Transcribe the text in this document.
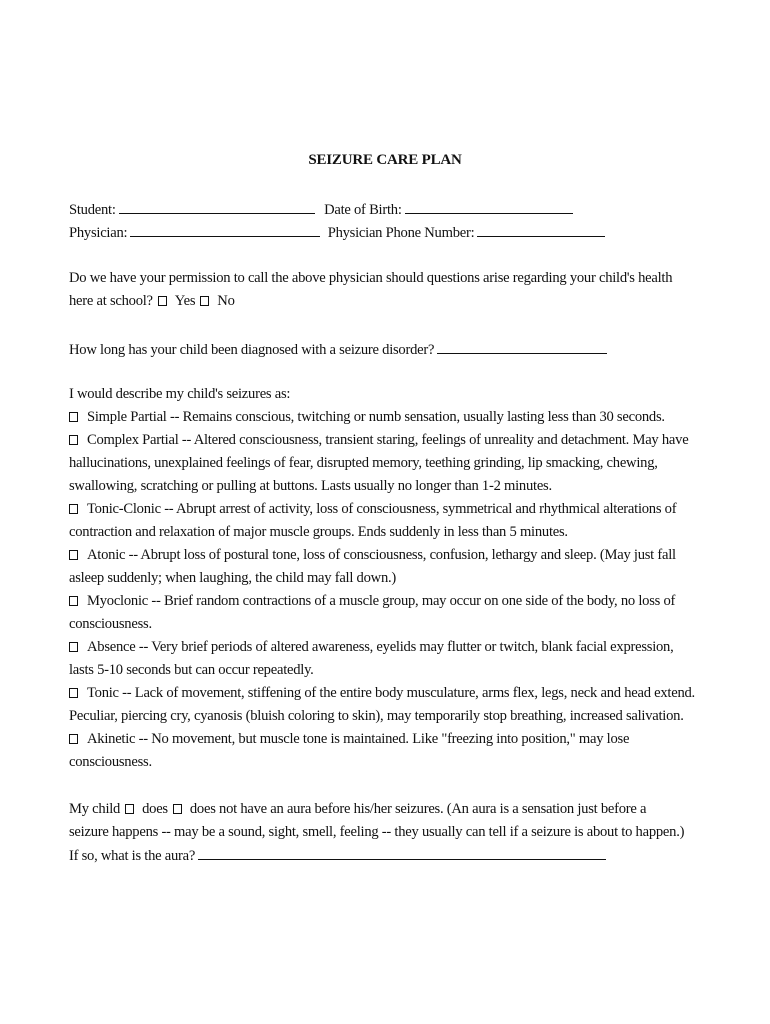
SEIZURE CARE PLAN
Student:	Date of Birth:
Physician:	Physician Phone Number:
Do we have your permission to call the above physician should questions arise regarding your child's health
here at school? Yes No
How long has your child been diagnosed with a seizure disorder?
I would describe my child's seizures as:
Simple Partial -- Remains conscious, twitching or numb sensation, usually lasting less than 30 seconds.
Complex Partial -- Altered consciousness, transient staring, feelings of unreality and detachment. May have
hallucinations, unexplained feelings of fear, disrupted memory, teething grinding, lip smacking, chewing,
swallowing, scratching or pulling at buttons. Lasts usually no longer than 1-2 minutes.
Tonic-Clonic -- Abrupt arrest of activity, loss of consciousness, symmetrical and rhythmical alterations of
contraction and relaxation of major muscle groups. Ends suddenly in less than 5 minutes.
Atonic -- Abrupt loss of postural tone, loss of consciousness, confusion, lethargy and sleep. (May just fall
asleep suddenly; when laughing, the child may fall down.)
Myoclonic -- Brief random contractions of a muscle group, may occur on one side of the body, no loss of
consciousness.
Absence -- Very brief periods of altered awareness, eyelids may flutter or twitch, blank facial expression,
lasts 5-10 seconds but can occur repeatedly.
Tonic -- Lack of movement, stiffening of the entire body musculature, arms flex, legs, neck and head extend.
Peculiar, piercing cry, cyanosis (bluish coloring to skin), may temporarily stop breathing, increased salivation.
Akinetic -- No movement, but muscle tone is maintained. Like "freezing into position," may lose
consciousness.
My child does does not have an aura before his/her seizures. (An aura is a sensation just before a
seizure happens -- may be a sound, sight, smell, feeling -- they usually can tell if a seizure is about to happen.)
If so, what is the aura?
